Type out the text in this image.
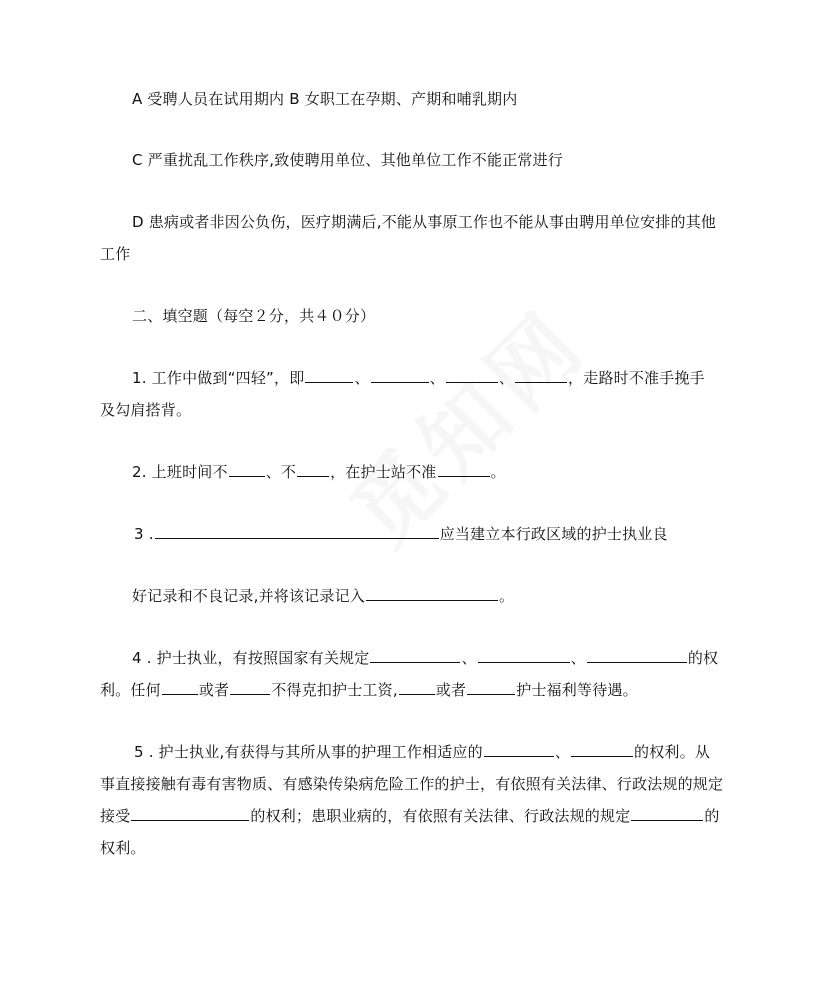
A 受聘人员在试用期内 B 女职工在孕期、产期和哺乳期内
C 严重扰乱工作秩序,致使聘用单位、其他单位工作不能正常进行
D 患病或者非因公负伤，医疗期满后,不能从事原工作也不能从事由聘用单位安排的其他
工作
二、填空题（每空２分，共４０分）
1. 工作中做到“四轻”，即	、	、	、	，走路时不准手挽手
及勾肩搭背。
2. 上班时间不	、不 ，在护士站不准	。
3 .	应当建立本行政区域的护士执业良
好记录和不良记录,并将该记录记入	。
4 . 护士执业，有按照国家有关规定	、	、	的权
利。任何	或者	不得克扣护士工资,	或者	护士福利等待遇。
5 . 护士执业,有获得与其所从事的护理工作相适应的	、	的权利。从
事直接接触有毒有害物质、有感染传染病危险工作的护士，有依照有关法律、行政法规的规定
接受	的权利；患职业病的，有依照有关法律、行政法规的规定	的
权利。
